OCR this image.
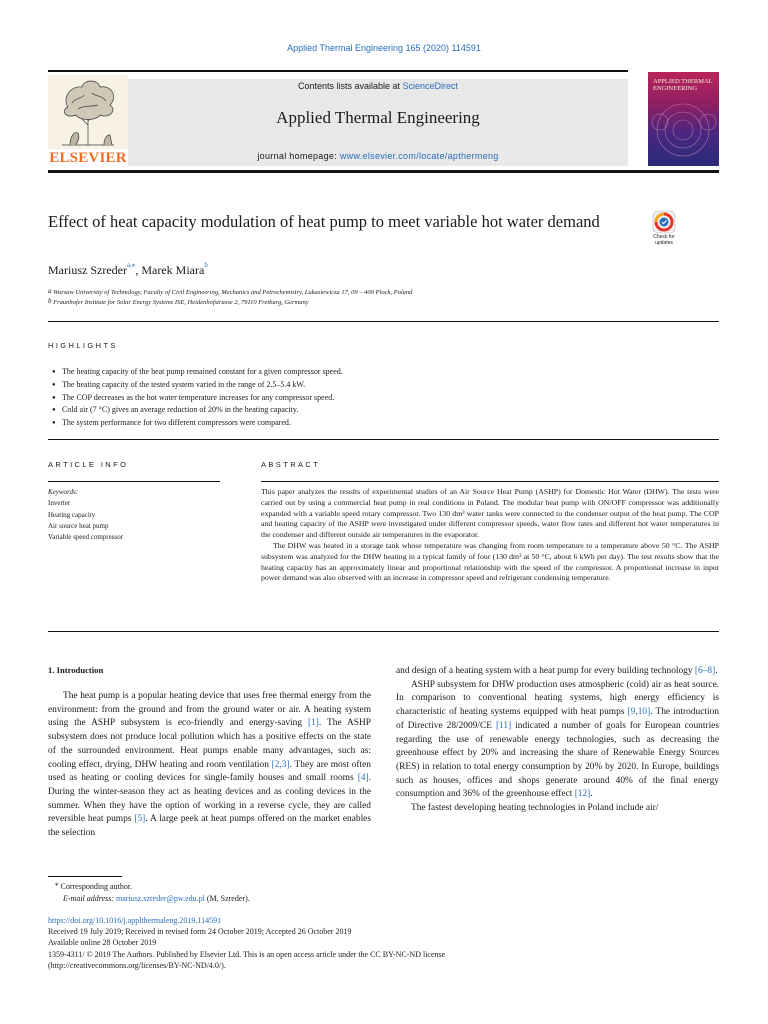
Applied Thermal Engineering 165 (2020) 114591
ELSEVIER
Contents lists available at ScienceDirect
Applied Thermal Engineering
journal homepage: www.elsevier.com/locate/apthermeng
APPLIED THERMAL ENGINEERING
Effect of heat capacity modulation of heat pump to meet variable hot water demand
Check for updates
Mariusz Szreder$^{a,⁎}$, Marek Miara$^b$
a Warsaw University of Technology, Faculty of Civil Engineering, Mechanics and Petrochemistry, Lukasiewicza 17, 09 – 400 Plock, Poland
b Fraunhofer Institute for Solar Energy Systems ISE, Heidenhofstrasse 2, 79110 Freiburg, Germany
HIGHLIGHTS
● The heating capacity of the heat pump remained constant for a given compressor speed.
● The heating capacity of the tested system varied in the range of 2.5–5.4 kW.
● The COP decreases as the hot water temperature increases for any compressor speed.
● Cold air (7 °C) gives an average reduction of 20% in the heating capacity.
● The system performance for two different compressors were compared.
ARTICLE INFO	ABSTRACT
Keywords:
Inverter
Heating capacity
Air source heat pump
Variable speed compressor

This paper analyzes the results of experimental studies of an Air Source Heat Pump (ASHP) for Domestic Hot Water (DHW). The tests were carried out by using a commercial heat pump in real conditions in Poland. The modular heat pump with ON/OFF compressor was additionally expanded with a variable speed rotary compressor. Two 130 dm³ water tanks were connected to the condenser output of the heat pump. The COP and heating capacity of the ASHP were investigated under different compressor speeds, water flow rates and different hot water temperatures in the condenser and different outside air temperatures in the evaporator.

The DHW was heated in a storage tank whose temperature was changing from room temperature to a temperature above 50 °C. The ASHP subsystem was analyzed for the DHW heating in a typical family of four (130 dm³ at 50 °C, about 6 kWh per day). The test results show that the heating capacity has an approximately linear and proportional relationship with the speed of the compressor. A proportional increase in input power demand was also observed with an increase in compressor speed and refrigerant condensing temperature.

1. Introduction

The heat pump is a popular heating device that uses free thermal energy from the environment: from the ground and from the ground water or air. A heating system using the ASHP subsystem is eco-friendly and energy-saving [1]. The ASHP subsystem does not produce local pollution which has a positive effects on the state of the surrounded environment. Heat pumps enable many advantages, such as: cooling effect, drying, DHW heating and room ventilation [2,3]. They are most often used as heating or cooling devices for single-family houses and small rooms [4]. During the winter-season they act as heating devices and as cooling devices in the summer. When they have the option of working in a reverse cycle, they are called reversible heat pumps [5]. A large peek at heat pumps offered on the market enables the selection

and design of a heating system with a heat pump for every building technology [6–8].

ASHP subsystem for DHW production uses atmospheric (cold) air as heat source. In comparison to conventional heating systems, high energy efficiency is characteristic of heating systems equipped with heat pumps [9,10]. The introduction of Directive 28/2009/CE [11] indicated a number of goals for European countries regarding the use of renewable energy technologies, such as decreasing the greenhouse effect by 20% and increasing the share of Renewable Energy Sources (RES) in relation to total energy consumption by 20% by 2020. In Europe, buildings such as houses, offices and shops generate around 40% of the final energy consumption and 36% of the greenhouse effect [12].

The fastest developing heating technologies in Poland include air/

⁎ Corresponding author.
E-mail address: mariusz.szreder@pw.edu.pl (M. Szreder).
https://doi.org/10.1016/j.applthermaleng.2019.114591
Received 19 July 2019; Received in revised form 24 October 2019; Accepted 26 October 2019
Available online 28 October 2019
1359-4311/ © 2019 The Authors. Published by Elsevier Ltd. This is an open access article under the CC BY-NC-ND license
(http://creativecommons.org/licenses/BY-NC-ND/4.0/).
